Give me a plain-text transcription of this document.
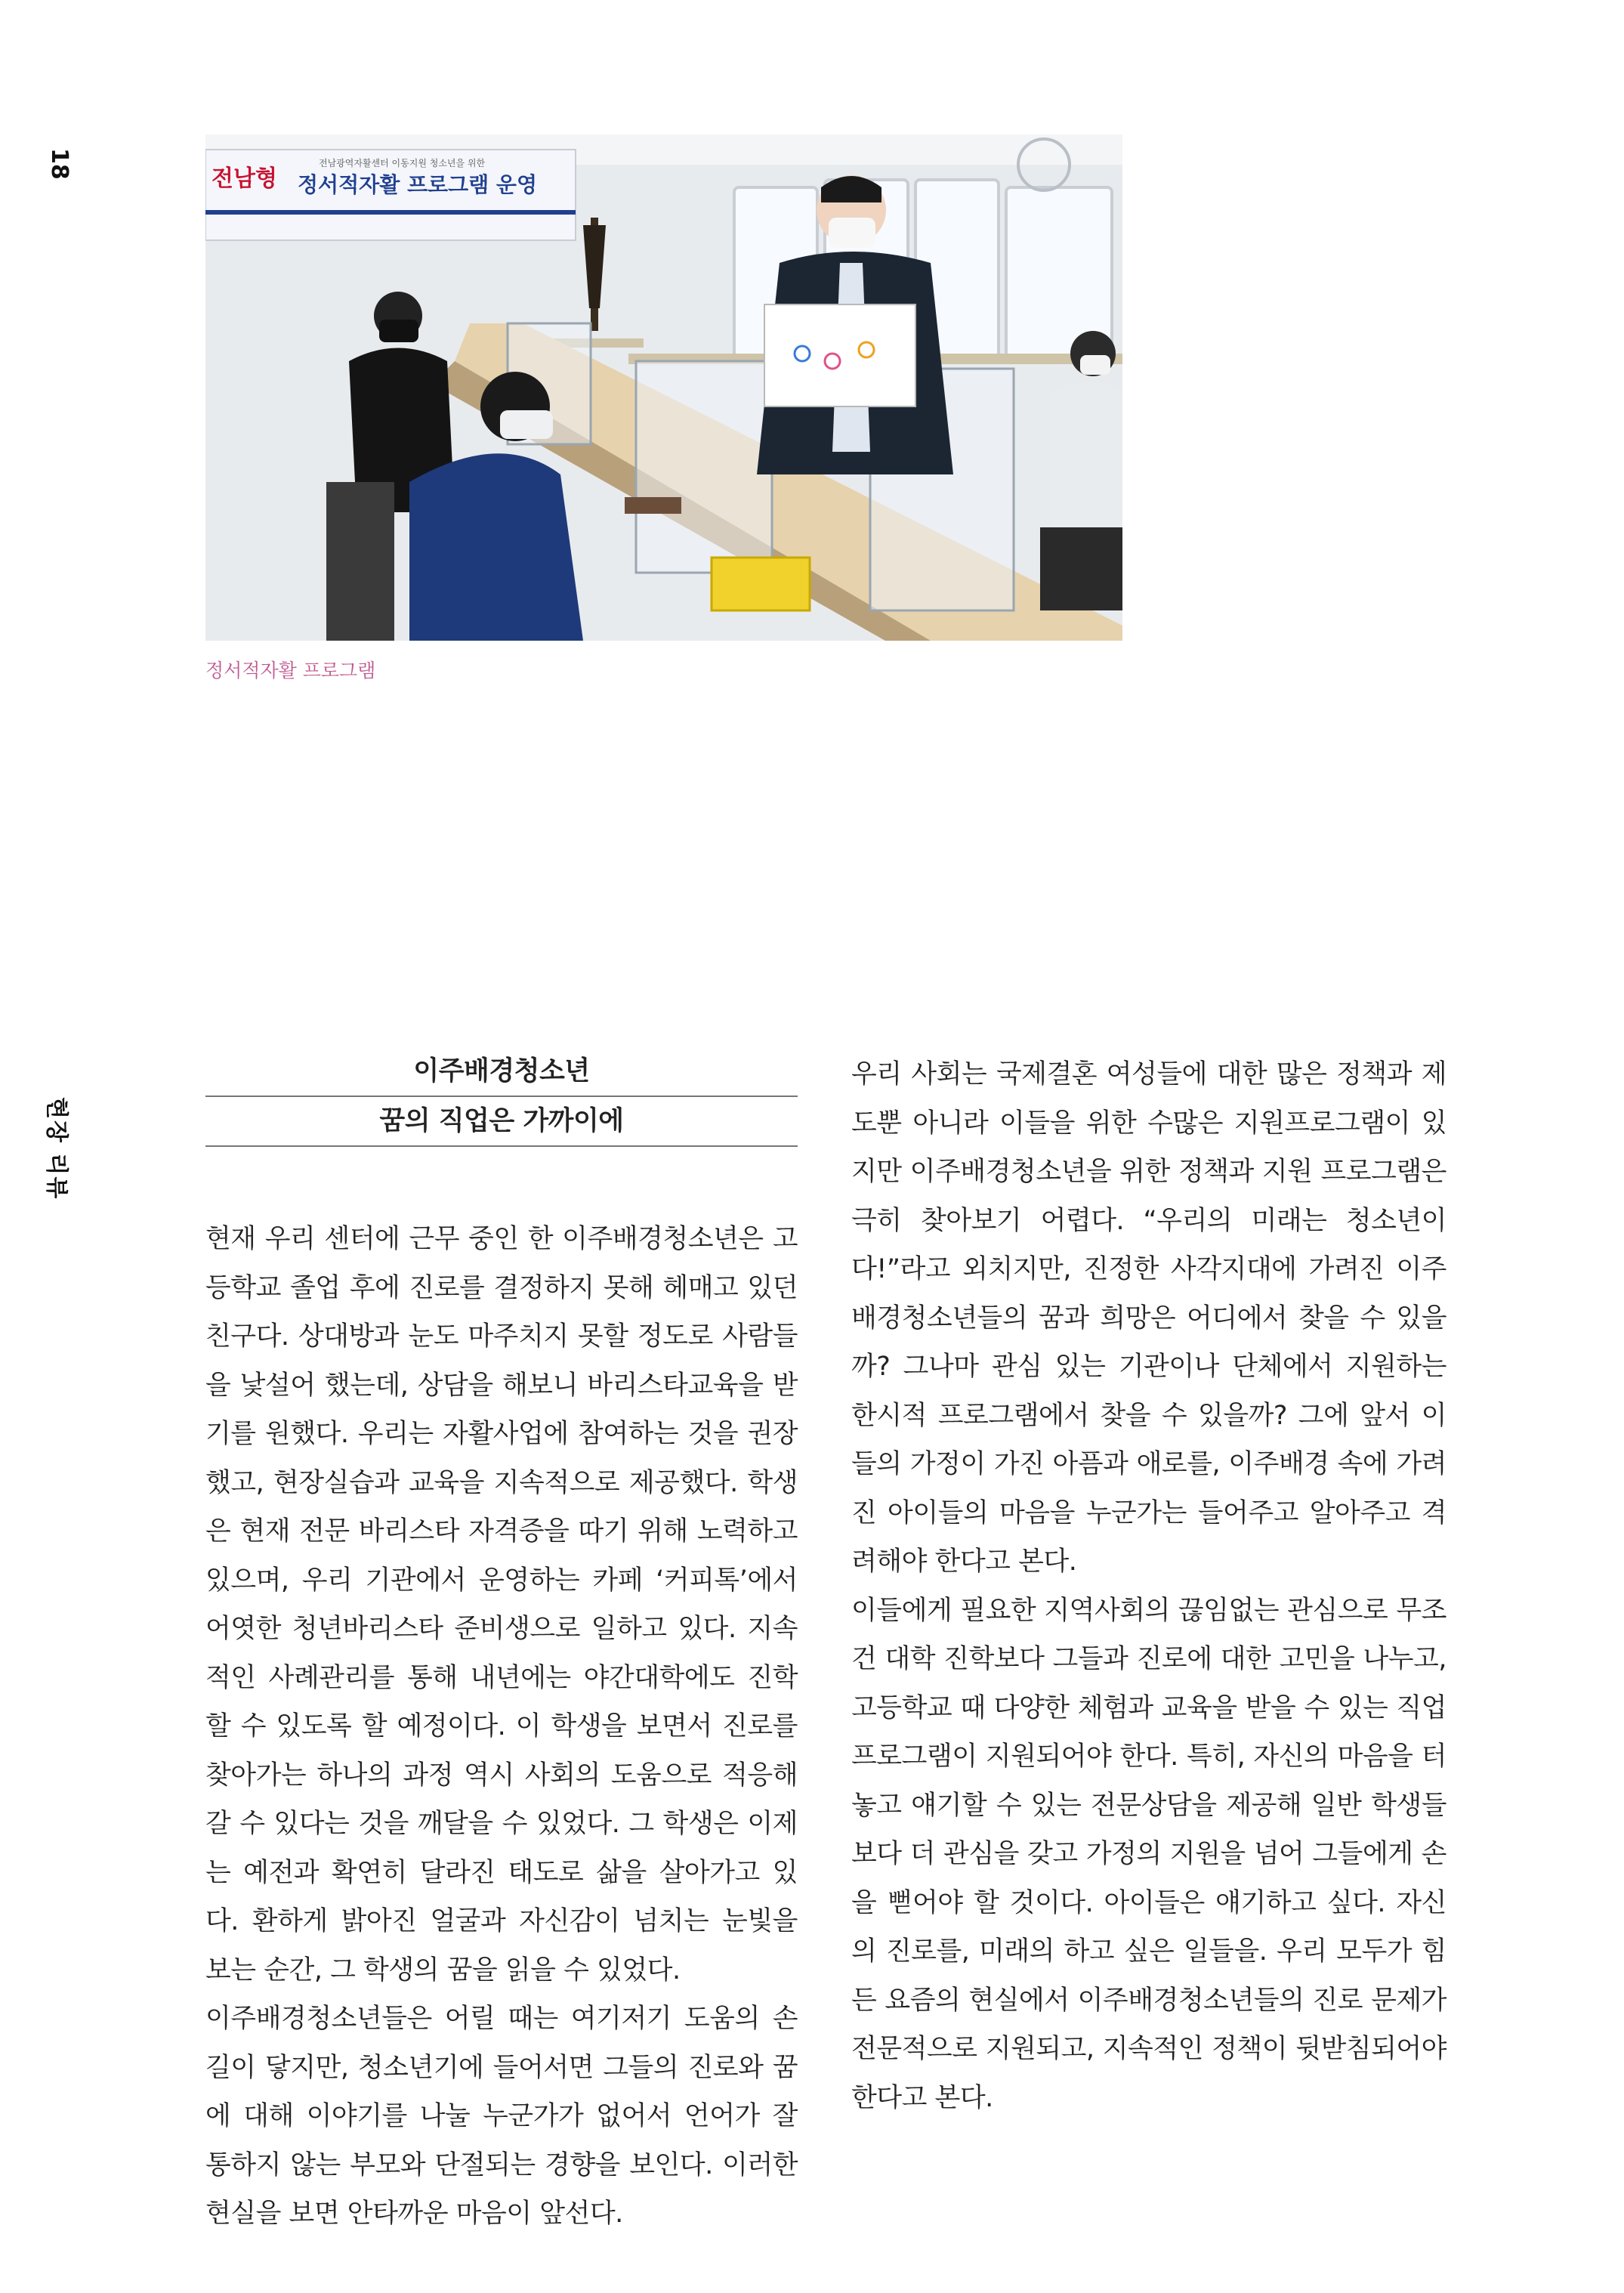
18
현장 리뷰
전남형
전남광역자활센터 이동지원 청소년을 위한
정서적자활 프로그램 운영
정서적자활 프로그램
이주배경청소년
꿈의 직업은 가까이에

현재 우리 센터에 근무 중인 한 이주배경청소년은 고등학교 졸업 후에 진로를 결정하지 못해 헤매고 있던 친구다. 상대방과 눈도 마주치지 못할 정도로 사람들을 낯설어 했는데, 상담을 해보니 바리스타교육을 받기를 원했다. 우리는 자활사업에 참여하는 것을 권장했고, 현장실습과 교육을 지속적으로 제공했다. 학생은 현재 전문 바리스타 자격증을 따기 위해 노력하고 있으며, 우리 기관에서 운영하는 카페 ‘커피톡’에서 어엿한 청년바리스타 준비생으로 일하고 있다. 지속적인 사례관리를 통해 내년에는 야간대학에도 진학할 수 있도록 할 예정이다. 이 학생을 보면서 진로를 찾아가는 하나의 과정 역시 사회의 도움으로 적응해갈 수 있다는 것을 깨달을 수 있었다. 그 학생은 이제는 예전과 확연히 달라진 태도로 삶을 살아가고 있다. 환하게 밝아진 얼굴과 자신감이 넘치는 눈빛을 보는 순간, 그 학생의 꿈을 읽을 수 있었다.

이주배경청소년들은 어릴 때는 여기저기 도움의 손길이 닿지만, 청소년기에 들어서면 그들의 진로와 꿈에 대해 이야기를 나눌 누군가가 없어서 언어가 잘 통하지 않는 부모와 단절되는 경향을 보인다. 이러한 현실을 보면 안타까운 마음이 앞선다.

우리 사회는 국제결혼 여성들에 대한 많은 정책과 제도뿐 아니라 이들을 위한 수많은 지원프로그램이 있지만 이주배경청소년을 위한 정책과 지원 프로그램은 극히 찾아보기 어렵다. “우리의 미래는 청소년이다!”라고 외치지만, 진정한 사각지대에 가려진 이주배경청소년들의 꿈과 희망은 어디에서 찾을 수 있을까? 그나마 관심 있는 기관이나 단체에서 지원하는 한시적 프로그램에서 찾을 수 있을까? 그에 앞서 이들의 가정이 가진 아픔과 애로를, 이주배경 속에 가려진 아이들의 마음을 누군가는 들어주고 알아주고 격려해야 한다고 본다.

이들에게 필요한 지역사회의 끊임없는 관심으로 무조건 대학 진학보다 그들과 진로에 대한 고민을 나누고, 고등학교 때 다양한 체험과 교육을 받을 수 있는 직업 프로그램이 지원되어야 한다. 특히, 자신의 마음을 터놓고 얘기할 수 있는 전문상담을 제공해 일반 학생들보다 더 관심을 갖고 가정의 지원을 넘어 그들에게 손을 뻗어야 할 것이다. 아이들은 얘기하고 싶다. 자신의 진로를, 미래의 하고 싶은 일들을. 우리 모두가 힘든 요즘의 현실에서 이주배경청소년들의 진로 문제가 전문적으로 지원되고, 지속적인 정책이 뒷받침되어야 한다고 본다.
